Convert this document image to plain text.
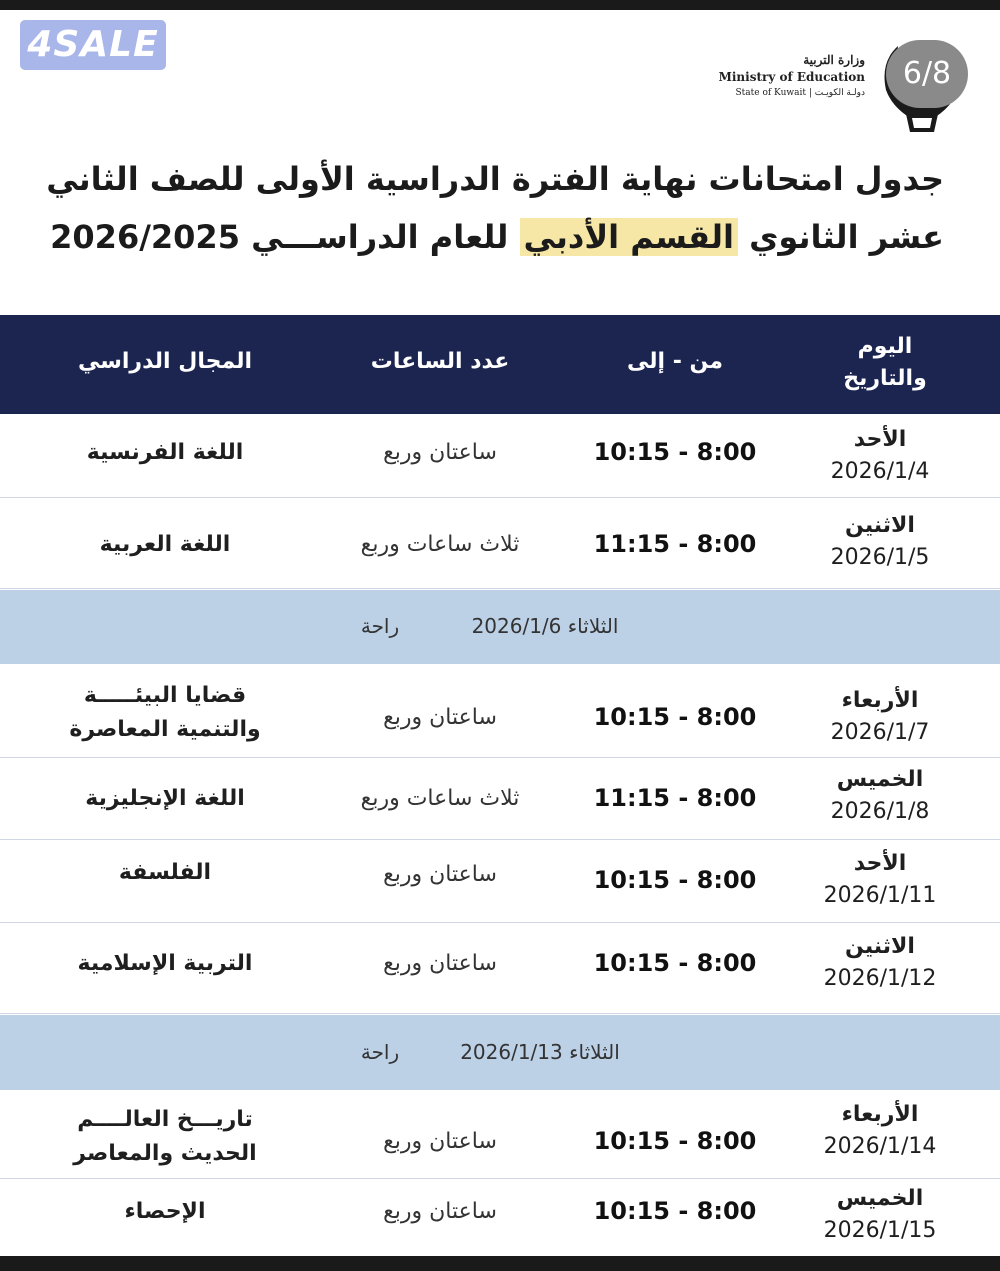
4SALE	وزارة التربية
Ministry of Education
State of Kuwait | دولـة الكويـت
6/8
جدول امتحانات نهاية الفترة الدراسية الأولى للصف الثاني
عشر الثانوي القسم الأدبي للعام الدراســـي 2026/2025
اليوم
والتاريخ
من - إلى
عدد الساعات
المجال الدراسي
الأحد
2026/1/4
10:15 - 8:00
ساعتان وربع
اللغة الفرنسية
الاثنين
2026/1/5
11:15 - 8:00
ثلاث ساعات وربع
اللغة العربية
الثلاثاء 2026/1/6
راحة
الأربعاء
2026/1/7
10:15 - 8:00
ساعتان وربع
قضايا البيئـــــة
والتنمية المعاصرة
الخميس
2026/1/8
11:15 - 8:00
ثلاث ساعات وربع
اللغة الإنجليزية
الأحد
2026/1/11
10:15 - 8:00
ساعتان وربع
الفلسفة
الاثنين
2026/1/12
10:15 - 8:00
ساعتان وربع
التربية الإسلامية
الثلاثاء 2026/1/13
راحة
الأربعاء
2026/1/14
10:15 - 8:00
ساعتان وربع
تاريـــخ العالــــم
الحديث والمعاصر
الخميس
2026/1/15
10:15 - 8:00
ساعتان وربع
الإحصاء
